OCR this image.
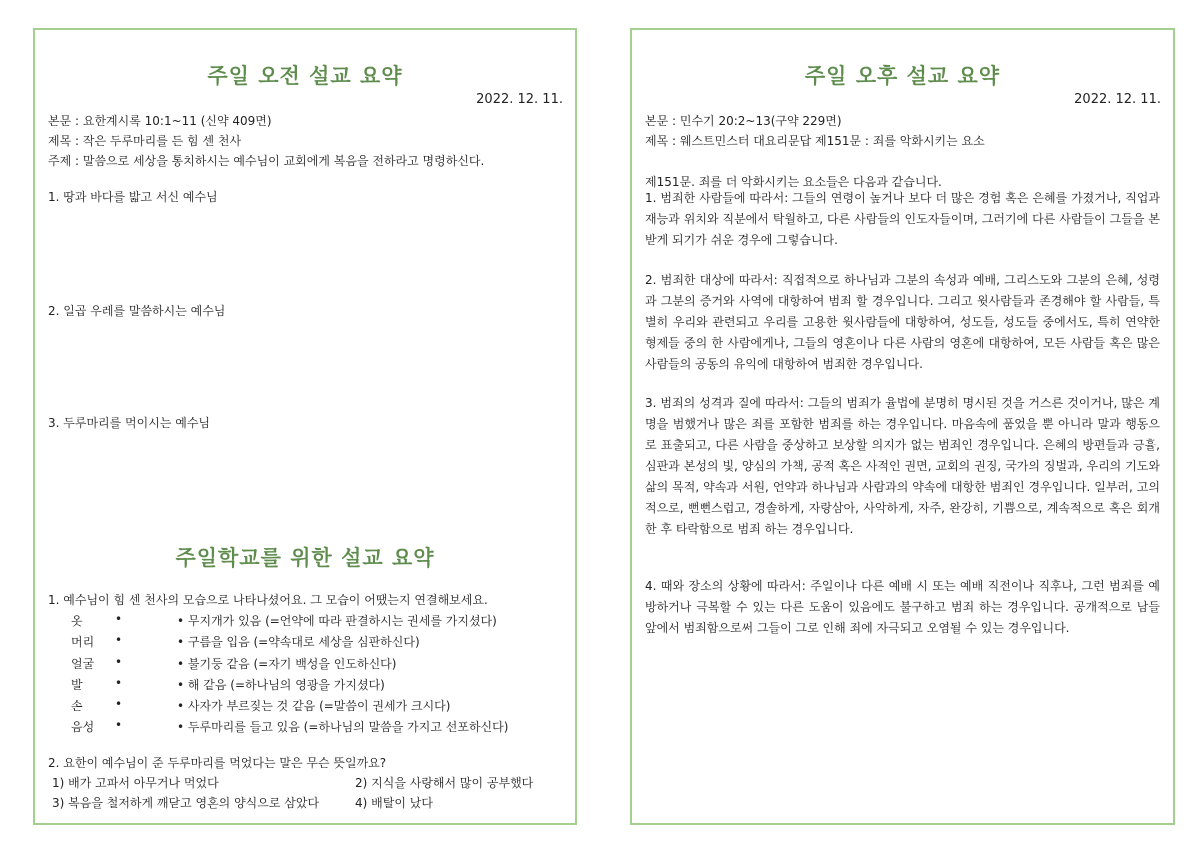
주일 오전 설교 요약
2022. 12. 11.
본문 : 요한계시록 10:1~11 (신약 409면)
제목 : 작은 두루마리를 든 힘 센 천사
주제 : 말씀으로 세상을 통치하시는 예수님이 교회에게 복음을 전하라고 명령하신다.
1. 땅과 바다를 밟고 서신 예수님
2. 일곱 우레를 말씀하시는 예수님
3. 두루마리를 먹이시는 예수님
주일학교를 위한 설교 요약
1. 예수님이 힘 센 천사의 모습으로 나타나셨어요. 그 모습이 어땠는지 연결해보세요.
옷	•	• 무지개가 있음 (=언약에 따라 판결하시는 권세를 가지셨다)
머리 •	• 구름을 입음 (=약속대로 세상을 심판하신다)
얼굴 •	• 불기둥 같음 (=자기 백성을 인도하신다)
발	•	• 해 같음 (=하나님의 영광을 가지셨다)
손	•	• 사자가 부르짖는 것 같음 (=말씀이 권세가 크시다)
음성 •	• 두루마리를 들고 있음 (=하나님의 말씀을 가지고 선포하신다)
2. 요한이 예수님이 준 두루마리를 먹었다는 말은 무슨 뜻일까요?
1) 배가 고파서 아무거나 먹었다	2) 지식을 사랑해서 많이 공부했다
3) 복음을 철저하게 깨닫고 영혼의 양식으로 삼았다	4) 배탈이 났다
주일 오후 설교 요약
2022. 12. 11.
본문 : 민수기 20:2~13(구약 229면)
제목 : 웨스트민스터 대요리문답 제151문 : 죄를 악화시키는 요소
제151문. 죄를 더 악화시키는 요소들은 다음과 같습니다.
1. 범죄한 사람들에 따라서: 그들의 연령이 높거나 보다 더 많은 경험 혹은 은혜를 가졌거나, 직업과 재능과 위치와 직분에서 탁월하고, 다른 사람들의 인도자들이며, 그러기에 다른 사람들이 그들을 본받게 되기가 쉬운 경우에 그렇습니다.
2. 범죄한 대상에 따라서: 직접적으로 하나님과 그분의 속성과 예배, 그리스도와 그분의 은혜, 성령과 그분의 증거와 사역에 대항하여 범죄 할 경우입니다. 그리고 윗사람들과 존경해야 할 사람들, 특별히 우리와 관련되고 우리를 고용한 윗사람들에 대항하여, 성도들, 성도들 중에서도, 특히 연약한 형제들 중의 한 사람에게나, 그들의 영혼이나 다른 사람의 영혼에 대항하여, 모든 사람들 혹은 많은 사람들의 공동의 유익에 대항하여 범죄한 경우입니다.
3. 범죄의 성격과 질에 따라서: 그들의 범죄가 율법에 분명히 명시된 것을 거스른 것이거나, 많은 계명을 범했거나 많은 죄를 포함한 범죄를 하는 경우입니다. 마음속에 품었을 뿐 아니라 말과 행동으로 표출되고, 다른 사람을 중상하고 보상할 의지가 없는 범죄인 경우입니다. 은혜의 방편들과 긍휼, 심판과 본성의 빛, 양심의 가책, 공적 혹은 사적인 권면, 교회의 권징, 국가의 징벌과, 우리의 기도와 삶의 목적, 약속과 서원, 언약과 하나님과 사람과의 약속에 대항한 범죄인 경우입니다. 일부러, 고의적으로, 뻔뻔스럽고, 경솔하게, 자랑삼아, 사악하게, 자주, 완강히, 기쁨으로, 계속적으로 혹은 회개한 후 타락함으로 범죄 하는 경우입니다.
4. 때와 장소의 상황에 따라서: 주일이나 다른 예배 시 또는 예배 직전이나 직후나, 그런 범죄를 예방하거나 극복할 수 있는 다른 도움이 있음에도 불구하고 범죄 하는 경우입니다. 공개적으로 남들 앞에서 범죄함으로써 그들이 그로 인해 죄에 자극되고 오염될 수 있는 경우입니다.
